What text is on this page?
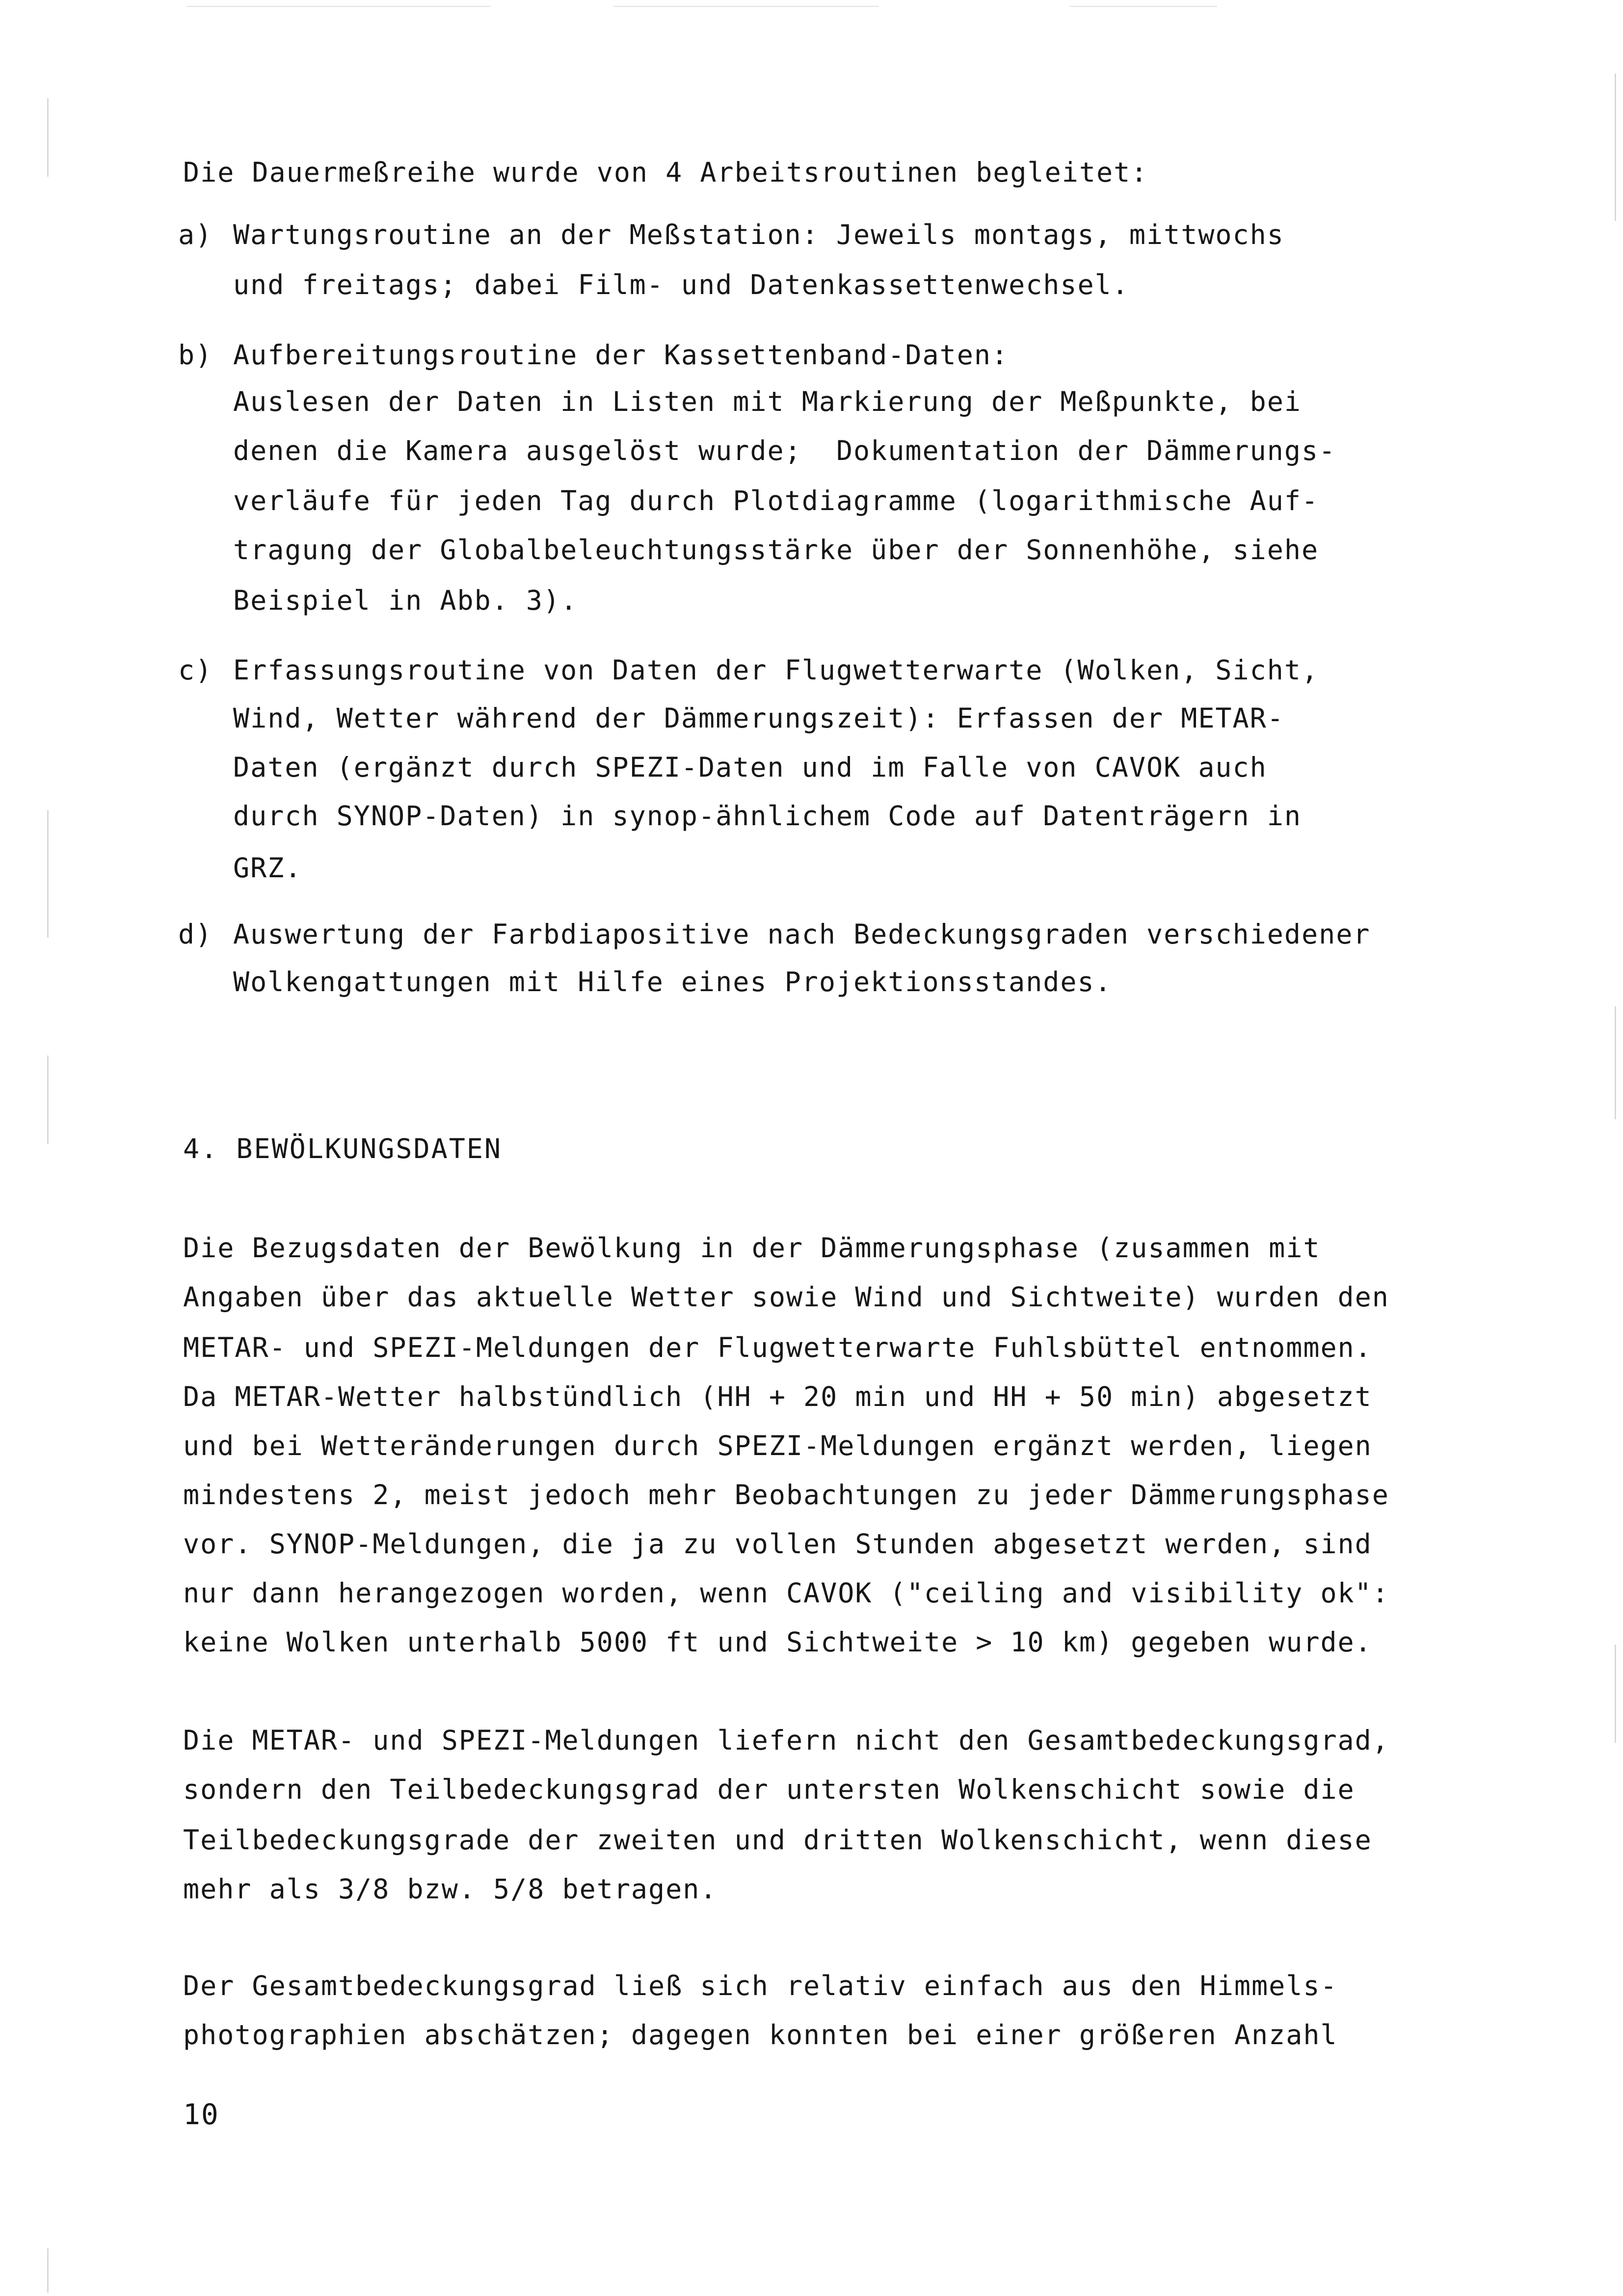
Die Dauermeßreihe wurde von 4 Arbeitsroutinen begleitet:
a) Wartungsroutine an der Meßstation: Jeweils montags, mittwochs
und freitags; dabei Film- und Datenkassettenwechsel.
b) Aufbereitungsroutine der Kassettenband-Daten:
Auslesen der Daten in Listen mit Markierung der Meßpunkte, bei
denen die Kamera ausgelöst wurde;  Dokumentation der Dämmerungs-
verläufe für jeden Tag durch Plotdiagramme (logarithmische Auf-
tragung der Globalbeleuchtungsstärke über der Sonnenhöhe, siehe
Beispiel in Abb. 3).
c) Erfassungsroutine von Daten der Flugwetterwarte (Wolken, Sicht,
Wind, Wetter während der Dämmerungszeit): Erfassen der METAR-
Daten (ergänzt durch SPEZI-Daten und im Falle von CAVOK auch
durch SYNOP-Daten) in synop-ähnlichem Code auf Datenträgern in
GRZ.
d) Auswertung der Farbdiapositive nach Bedeckungsgraden verschiedener
Wolkengattungen mit Hilfe eines Projektionsstandes.
4. BEWÖLKUNGSDATEN
Die Bezugsdaten der Bewölkung in der Dämmerungsphase (zusammen mit
Angaben über das aktuelle Wetter sowie Wind und Sichtweite) wurden den
METAR- und SPEZI-Meldungen der Flugwetterwarte Fuhlsbüttel entnommen.
Da METAR-Wetter halbstündlich (HH + 20 min und HH + 50 min) abgesetzt
und bei Wetteränderungen durch SPEZI-Meldungen ergänzt werden, liegen
mindestens 2, meist jedoch mehr Beobachtungen zu jeder Dämmerungsphase
vor. SYNOP-Meldungen, die ja zu vollen Stunden abgesetzt werden, sind
nur dann herangezogen worden, wenn CAVOK ("ceiling and visibility ok":
keine Wolken unterhalb 5000 ft und Sichtweite > 10 km) gegeben wurde.
Die METAR- und SPEZI-Meldungen liefern nicht den Gesamtbedeckungsgrad,
sondern den Teilbedeckungsgrad der untersten Wolkenschicht sowie die
Teilbedeckungsgrade der zweiten und dritten Wolkenschicht, wenn diese
mehr als 3/8 bzw. 5/8 betragen.
Der Gesamtbedeckungsgrad ließ sich relativ einfach aus den Himmels-
photographien abschätzen; dagegen konnten bei einer größeren Anzahl
10
